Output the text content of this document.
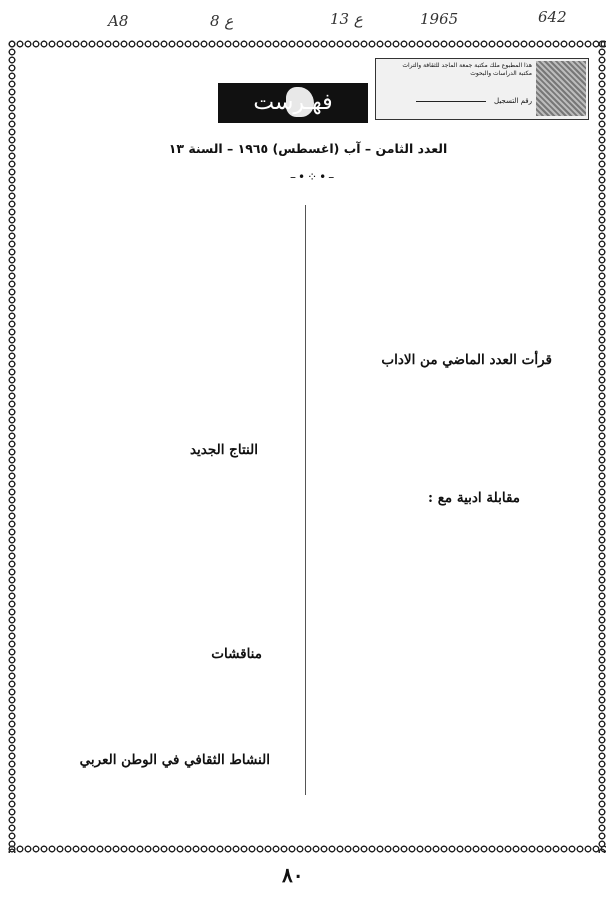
A8	8 ع	13 ع	1965	642
هذا المطبوع ملك مكتبة جمعة الماجد للثقافة والتراث
مكتبة الدراسات والبحوث
رقم التسجيل
فهـرست
العدد الثامن – آب (اغسطس) ١٩٦٥ – السنة ١٣
–•⁘•–
قرأت العدد الماضي من الاداب
مقابلة ادبية مع :
النتاج الجديد
مناقشات
النشاط الثقافي في الوطن العربي
٨٠
